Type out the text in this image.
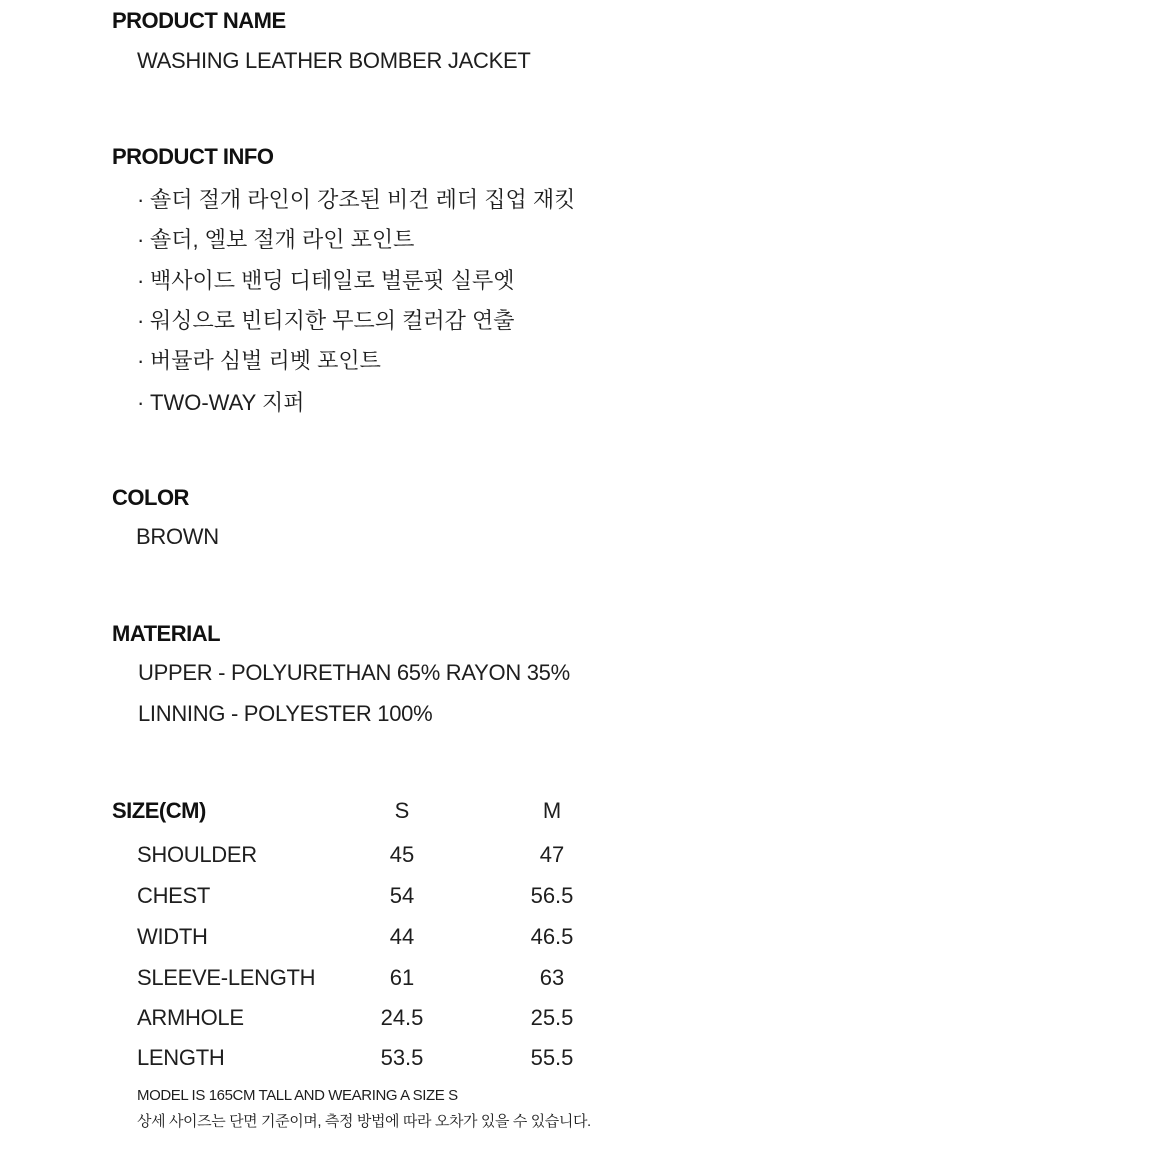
PRODUCT NAME
WASHING LEATHER BOMBER JACKET
PRODUCT INFO
· 숄더 절개 라인이 강조된 비건 레더 집업 재킷
· 숄더, 엘보 절개 라인 포인트
· 백사이드 밴딩 디테일로 벌룬핏 실루엣
· 워싱으로 빈티지한 무드의 컬러감 연출
· 버뮬라 심벌 리벳 포인트
· TWO-WAY 지퍼
COLOR
BROWN
MATERIAL
UPPER - POLYURETHAN 65% RAYON 35%
LINNING - POLYESTER 100%
SIZE(CM)	S	M
SHOULDER	45	47
CHEST	54	56.5
WIDTH	44	46.5
SLEEVE-LENGTH	61	63
ARMHOLE	24.5	25.5
LENGTH	53.5	55.5
MODEL IS 165CM TALL AND WEARING A SIZE S
상세 사이즈는 단면 기준이며, 측정 방법에 따라 오차가 있을 수 있습니다.
